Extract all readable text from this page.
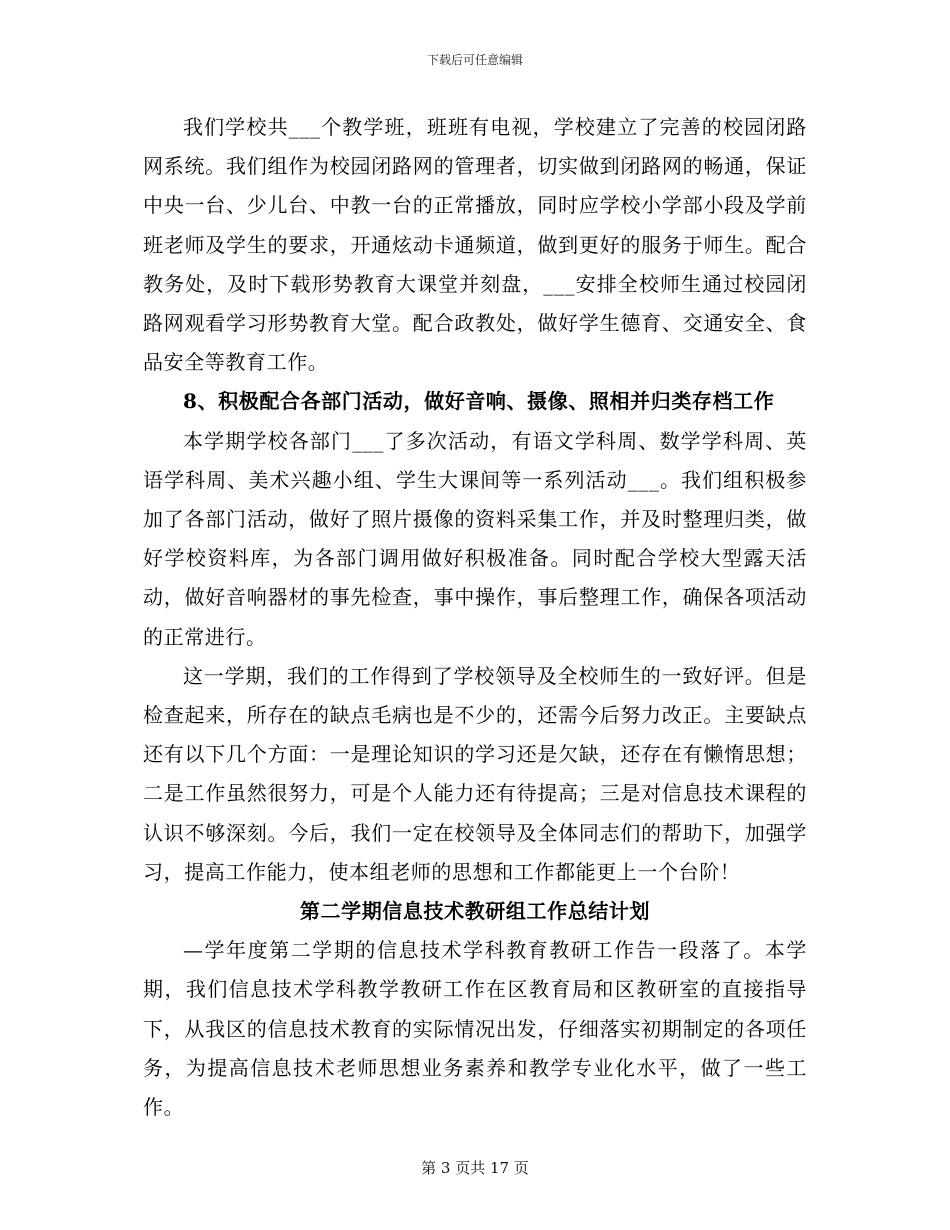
下载后可任意编辑

我们学校共___个教学班，班班有电视，学校建立了完善的校园闭路网系统。我们组作为校园闭路网的管理者，切实做到闭路网的畅通，保证中央一台、少儿台、中教一台的正常播放，同时应学校小学部小段及学前班老师及学生的要求，开通炫动卡通频道，做到更好的服务于师生。配合教务处，及时下载形势教育大课堂并刻盘，___安排全校师生通过校园闭路网观看学习形势教育大堂。配合政教处，做好学生德育、交通安全、食品安全等教育工作。

8、积极配合各部门活动，做好音响、摄像、照相并归类存档工作

本学期学校各部门___了多次活动，有语文学科周、数学学科周、英语学科周、美术兴趣小组、学生大课间等一系列活动___。我们组积极参加了各部门活动，做好了照片摄像的资料采集工作，并及时整理归类，做好学校资料库，为各部门调用做好积极准备。同时配合学校大型露天活动，做好音响器材的事先检查，事中操作，事后整理工作，确保各项活动的正常进行。

这一学期，我们的工作得到了学校领导及全校师生的一致好评。但是检查起来，所存在的缺点毛病也是不少的，还需今后努力改正。主要缺点还有以下几个方面：一是理论知识的学习还是欠缺，还存在有懒惰思想；二是工作虽然很努力，可是个人能力还有待提高；三是对信息技术课程的认识不够深刻。今后，我们一定在校领导及全体同志们的帮助下，加强学习，提高工作能力，使本组老师的思想和工作都能更上一个台阶！

第二学期信息技术教研组工作总结计划

—学年度第二学期的信息技术学科教育教研工作告一段落了。本学期，我们信息技术学科教学教研工作在区教育局和区教研室的直接指导下，从我区的信息技术教育的实际情况出发，仔细落实初期制定的各项任务，为提高信息技术老师思想业务素养和教学专业化水平，做了一些工作。

第 3 页共 17 页
